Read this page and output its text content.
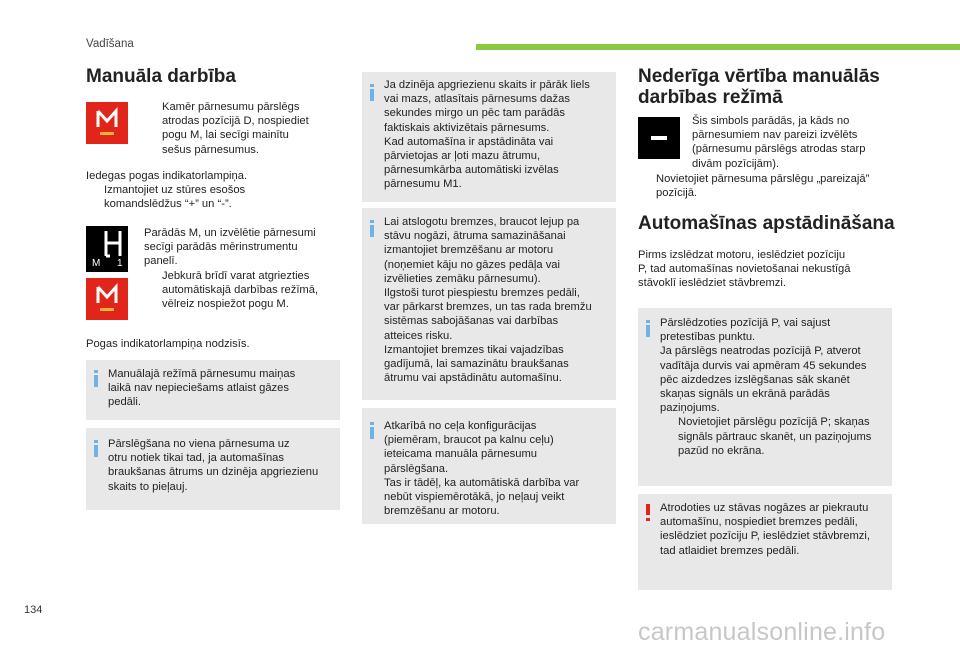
Vadīšana
Manuāla darbība
Kamēr pārnesumu pārslēgs
atrodas pozīcijā D, nospiediet
pogu M, lai secīgi mainītu
sešus pārnesumus.
Iedegas pogas indikatorlampiņa.
Izmantojiet uz stūres esošos
komandslēdžus “+” un “-”.
M 1
Parādās M, un izvēlētie pārnesumi
secīgi parādās mērinstrumentu
panelī.
Jebkurā brīdī varat atgriezties
automātiskajā darbības režīmā,
vēlreiz nospiežot pogu M.
Pogas indikatorlampiņa nodzisīs.
Manuālajā režīmā pārnesumu maiņas
laikā nav nepieciešams atlaist gāzes
pedāli.
Pārslēgšana no viena pārnesuma uz
otru notiek tikai tad, ja automašīnas
braukšanas ātrums un dzinēja apgriezienu
skaits to pieļauj.
Ja dzinēja apgriezienu skaits ir pārāk liels
vai mazs, atlasītais pārnesums dažas
sekundes mirgo un pēc tam parādās
faktiskais aktivizētais pārnesums.
Kad automašīna ir apstādināta vai
pārvietojas ar ļoti mazu ātrumu,
pārnesumkārba automātiski izvēlas
pārnesumu M1.
Lai atslogotu bremzes, braucot lejup pa
stāvu nogāzi, ātruma samazināšanai
izmantojiet bremzēšanu ar motoru
(noņemiet kāju no gāzes pedāļa vai
izvēlieties zemāku pārnesumu).
Ilgstoši turot piespiestu bremzes pedāli,
var pārkarst bremzes, un tas rada bremžu
sistēmas sabojāšanas vai darbības
atteices risku.
Izmantojiet bremzes tikai vajadzības
gadījumā, lai samazinātu braukšanas
ātrumu vai apstādinātu automašīnu.
Atkarībā no ceļa konfigurācijas
(piemēram, braucot pa kalnu ceļu)
ieteicama manuāla pārnesumu
pārslēgšana.
Tas ir tādēļ, ka automātiskā darbība var
nebūt vispiemērotākā, jo neļauj veikt
bremzēšanu ar motoru.
Nederīga vērtība manuālās
darbības režīmā
Šis simbols parādās, ja kāds no
pārnesumiem nav pareizi izvēlēts
(pārnesumu pārslēgs atrodas starp
divām pozīcijām).
Novietojiet pārnesuma pārslēgu „pareizajā”
pozīcijā.
Automašīnas apstādināšana
Pirms izslēdzat motoru, ieslēdziet pozīciju
P, tad automašīnas novietošanai nekustīgā
stāvoklī ieslēdziet stāvbremzi.
Pārslēdzoties pozīcijā P, vai sajust
pretestības punktu.
Ja pārslēgs neatrodas pozīcijā P, atverot
vadītāja durvis vai apmēram 45 sekundes
pēc aizdedzes izslēgšanas sāk skanēt
skaņas signāls un ekrānā parādās
paziņojums.
Novietojiet pārslēgu pozīcijā P; skaņas
signāls pārtrauc skanēt, un paziņojums
pazūd no ekrāna.
Atrodoties uz stāvas nogāzes ar piekrautu
automašīnu, nospiediet bremzes pedāli,
ieslēdziet pozīciju P, ieslēdziet stāvbremzi,
tad atlaidiet bremzes pedāli.
134
carmanualsonline.info
